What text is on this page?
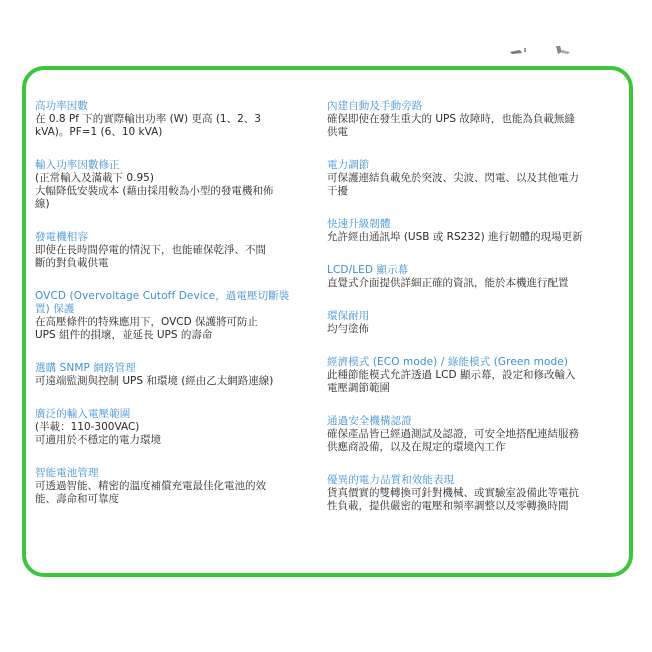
高功率因數
在 0.8 Pf 下的實際輸出功率 (W) 更高 (1、2、3
kVA)。PF=1 (6、10 kVA)
輸入功率因數修正
(正常輸入及滿載下 0.95)
大幅降低安裝成本 (藉由採用較為小型的發電機和佈
線)
發電機相容
即使在長時間停電的情況下，也能確保乾淨、不間
斷的對負載供電
OVCD (Overvoltage Cutoff Device，過電壓切斷裝
置) 保護
在高壓條件的特殊應用下，OVCD 保護將可防止
UPS 組件的損壞，並延長 UPS 的壽命
選購 SNMP 網路管理
可遠端監測與控制 UPS 和環境 (經由乙太網路連線)
廣泛的輸入電壓範圍
(半載：110-300VAC)
可適用於不穩定的電力環境
智能電池管理
可透過智能、精密的溫度補償充電最佳化電池的效
能、壽命和可靠度
內建自動及手動旁路
確保即使在發生重大的 UPS 故障時，也能為負載無縫
供電
電力調節
可保護連結負載免於突波、尖波、閃電、以及其他電力
干擾
快速升級韌體
允許經由通訊埠 (USB 或 RS232) 進行韌體的現場更新
LCD/LED 顯示幕
直覺式介面提供詳細正確的資訊，能於本機進行配置
環保耐用
均勻塗佈
經濟模式 (ECO mode) / 綠能模式 (Green mode)
此種節能模式允許透過 LCD 顯示幕，設定和修改輸入
電壓調節範圍
通過安全機構認證
確保產品皆已經過測試及認證，可安全地搭配連結服務
供應商設備，以及在規定的環境內工作
優異的電力品質和效能表現
貨真價實的雙轉換可針對機械、或實驗室設備此等電抗
性負載，提供嚴密的電壓和頻率調整以及零轉換時間
